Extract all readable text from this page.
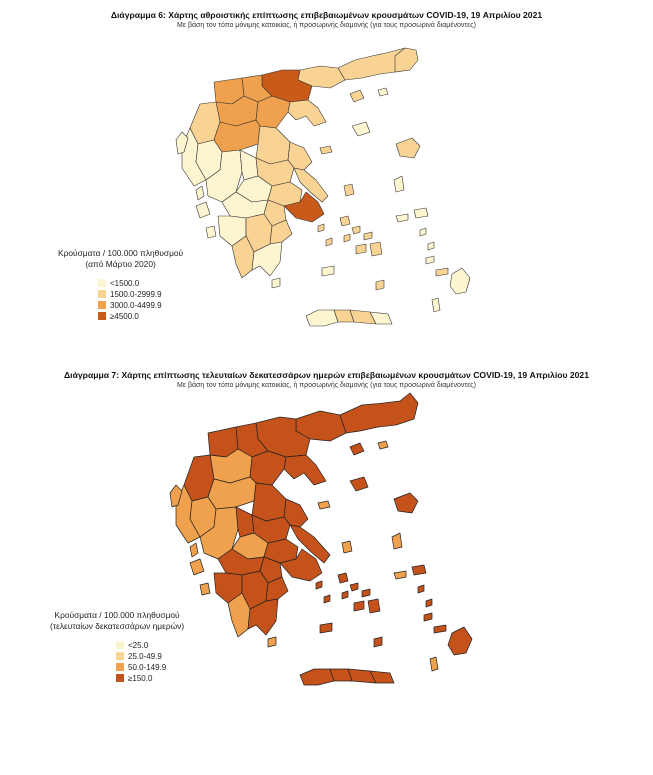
Διάγραμμα 6: Χάρτης αθροιστικής επίπτωσης επιβεβαιωμένων κρουσμάτων COVID-19, 19 Απριλίου 2021
Με βάση τον τόπο μόνιμης κατοικίας, ή προσωρινής διαμονής (για τους προσωρινά διαμένοντες)
Κρούσματα / 100.000 πληθυσμού
(από Μάρτιο 2020)
<1500.0
1500.0-2999.9
3000.0-4499.9
≥4500.0
Διάγραμμα 7: Χάρτης επίπτωσης τελευταίων δεκατεσσάρων ημερών επιβεβαιωμένων κρουσμάτων COVID-19, 19 Απριλίου 2021
Με βάση τον τόπο μόνιμης κατοικίας, ή προσωρινής διαμονής (για τους προσωρινά διαμένοντες)
Κρούσματα / 100.000 πληθυσμού
(τελευταίων δεκατεσσάρων ημερών)
<25.0
25.0-49.9
50.0-149.9
≥150.0
